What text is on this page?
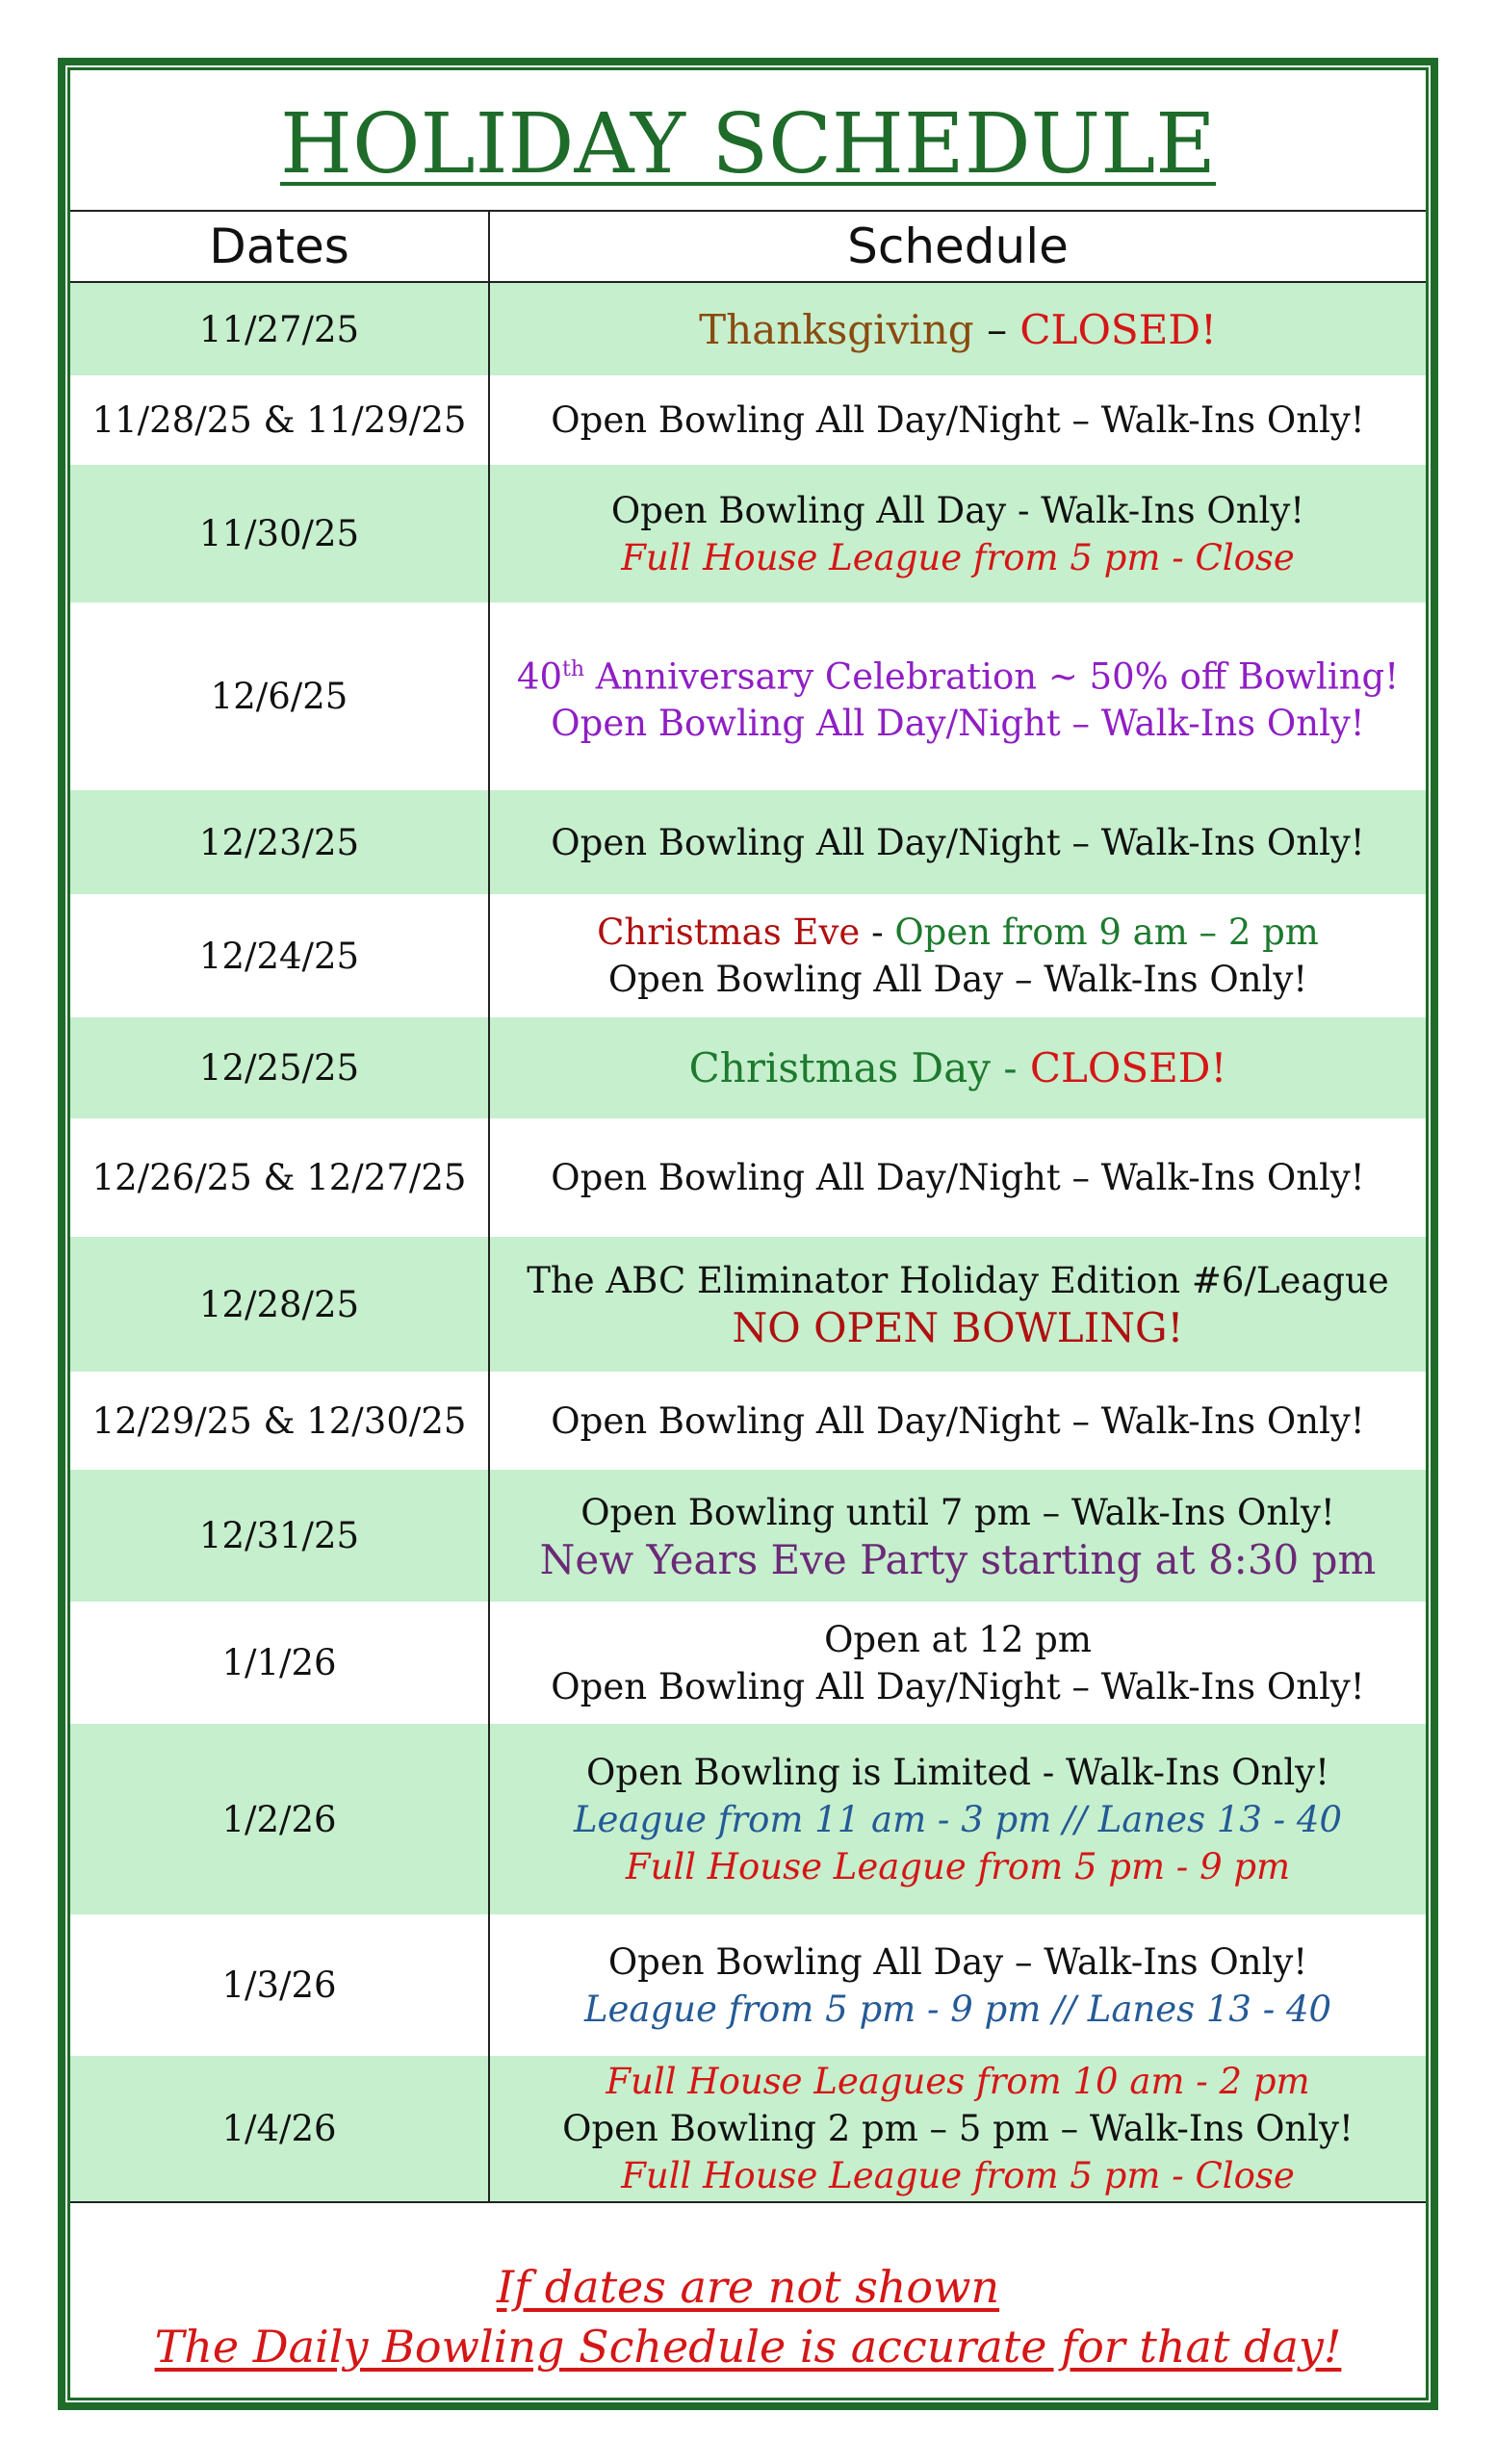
HOLIDAY SCHEDULE
Dates	Schedule
11/27/25	Thanksgiving – CLOSED!

11/28/25 & 11/29/25	Open Bowling All Day/Night – Walk-Ins Only!

11/30/25	Open Bowling All Day - Walk-Ins Only!
Full House League from 5 pm - Close

12/6/25	40th Anniversary Celebration ~ 50% off Bowling!
Open Bowling All Day/Night – Walk-Ins Only!

12/23/25	Open Bowling All Day/Night – Walk-Ins Only!

12/24/25	Christmas Eve - Open from 9 am – 2 pm
Open Bowling All Day – Walk-Ins Only!

12/25/25	Christmas Day - CLOSED!

12/26/25 & 12/27/25	Open Bowling All Day/Night – Walk-Ins Only!

12/28/25	The ABC Eliminator Holiday Edition #6/League
NO OPEN BOWLING!

12/29/25 & 12/30/25	Open Bowling All Day/Night – Walk-Ins Only!

12/31/25	Open Bowling until 7 pm – Walk-Ins Only!
New Years Eve Party starting at 8:30 pm

1/1/26	Open at 12 pm
Open Bowling All Day/Night – Walk-Ins Only!

1/2/26	Open Bowling is Limited - Walk-Ins Only!
League from 11 am - 3 pm // Lanes 13 - 40
Full House League from 5 pm - 9 pm

1/3/26	Open Bowling All Day – Walk-Ins Only!
League from 5 pm - 9 pm // Lanes 13 - 40

1/4/26	Full House Leagues from 10 am - 2 pm
Open Bowling 2 pm – 5 pm – Walk-Ins Only!
Full House League from 5 pm - Close
If dates are not shown
The Daily Bowling Schedule is accurate for that day!
